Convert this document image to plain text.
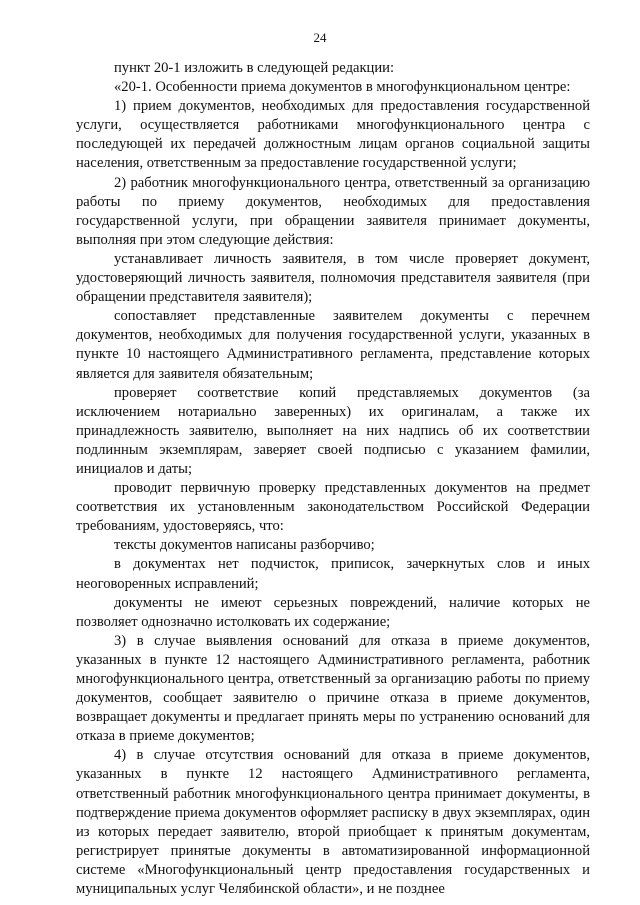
24

пункт 20-1 изложить в следующей редакции:

«20-1. Особенности приема документов в многофункциональном центре:

1) прием документов, необходимых для предоставления государственной услуги, осуществляется работниками многофункционального центра с последующей их передачей должностным лицам органов социальной защиты населения, ответственным за предоставление государственной услуги;

2) работник многофункционального центра, ответственный за организацию работы по приему документов, необходимых для предоставления государственной услуги, при обращении заявителя принимает документы, выполняя при этом следующие действия:

устанавливает личность заявителя, в том числе проверяет документ, удостоверяющий личность заявителя, полномочия представителя заявителя (при обращении представителя заявителя);

сопоставляет представленные заявителем документы с перечнем документов, необходимых для получения государственной услуги, указанных в пункте 10 настоящего Административного регламента, представление которых является для заявителя обязательным;

проверяет соответствие копий представляемых документов (за исключением нотариально заверенных) их оригиналам, а также их принадлежность заявителю, выполняет на них надпись об их соответствии подлинным экземплярам, заверяет своей подписью с указанием фамилии, инициалов и даты;

проводит первичную проверку представленных документов на предмет соответствия их установленным законодательством Российской Федерации требованиям, удостоверяясь, что:

тексты документов написаны разборчиво;

в документах нет подчисток, приписок, зачеркнутых слов и иных неоговоренных исправлений;

документы не имеют серьезных повреждений, наличие которых не позволяет однозначно истолковать их содержание;

3) в случае выявления оснований для отказа в приеме документов, указанных в пункте 12 настоящего Административного регламента, работник многофункционального центра, ответственный за организацию работы по приему документов, сообщает заявителю о причине отказа в приеме документов, возвращает документы и предлагает принять меры по устранению оснований для отказа в приеме документов;

4) в случае отсутствия оснований для отказа в приеме документов, указанных в пункте 12 настоящего Административного регламента, ответственный работник многофункционального центра принимает документы, в подтверждение приема документов оформляет расписку в двух экземплярах, один из которых передает заявителю, второй приобщает к принятым документам, регистрирует принятые документы в автоматизированной информационной системе «Многофункциональный центр предоставления государственных и муниципальных услуг Челябинской области», и не позднее
